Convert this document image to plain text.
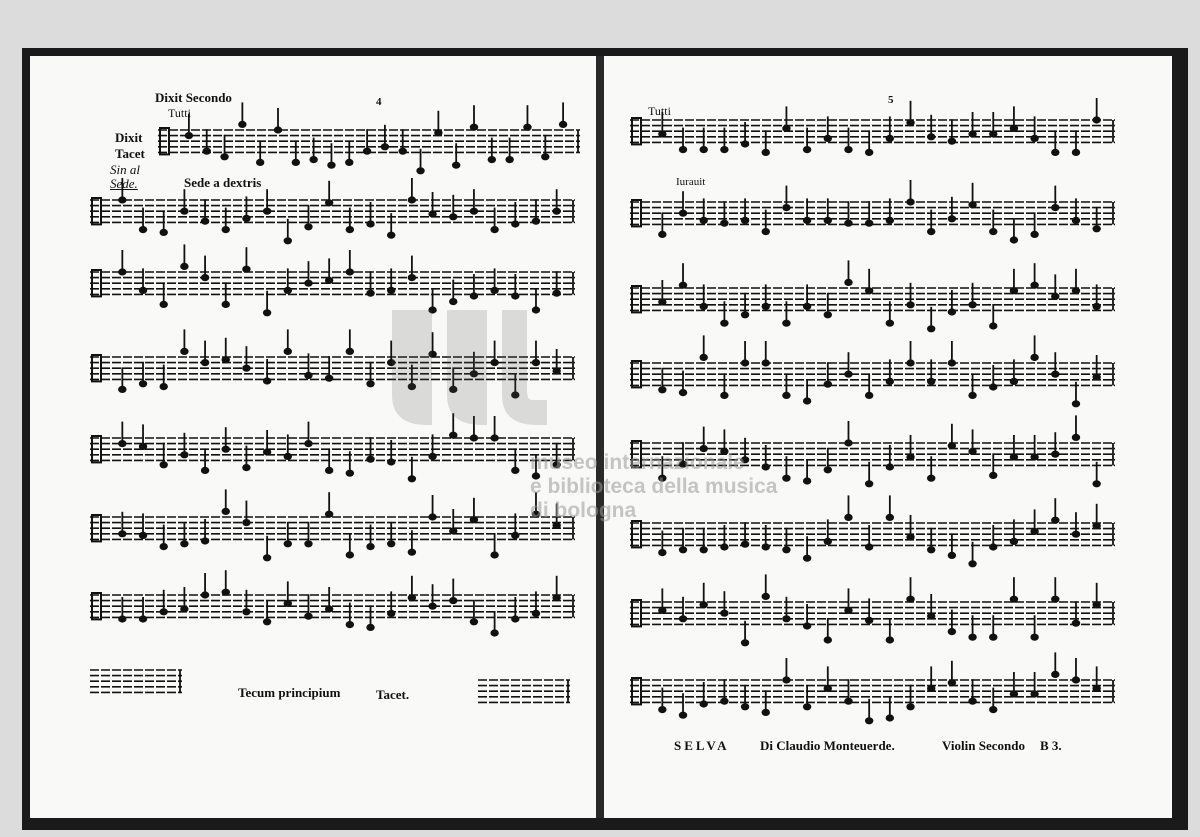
4
Dixit Secondo
Tutti
Dixit
Tacet
Sin al
Sede.	Sede a dextris
Tecum principium	Tacet.
5
Tutti
Iurauit
SELVA Di Claudio Monteuerde.	Violin Secondo B 3.
museo internazionale
e biblioteca della musica
di bologna
